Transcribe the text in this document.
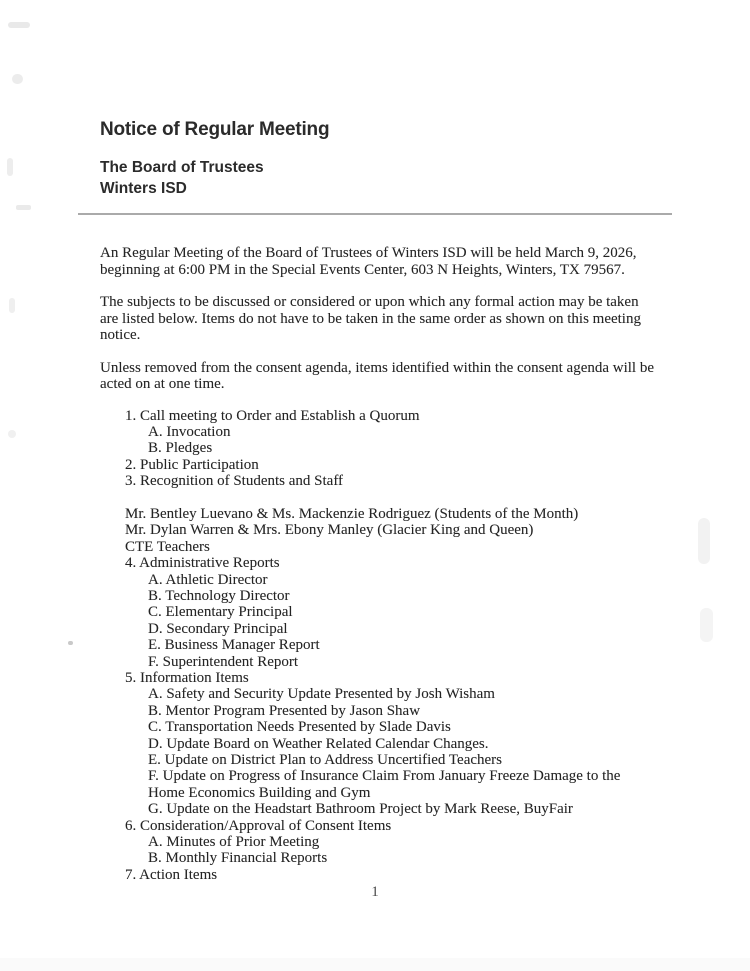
Notice of Regular Meeting
The Board of Trustees
Winters ISD

An Regular Meeting of the Board of Trustees of Winters ISD will be held March 9, 2026, beginning at 6:00 PM in the Special Events Center, 603 N Heights, Winters, TX 79567.

The subjects to be discussed or considered or upon which any formal action may be taken are listed below. Items do not have to be taken in the same order as shown on this meeting notice.

Unless removed from the consent agenda, items identified within the consent agenda will be acted on at one time.

1. Call meeting to Order and Establish a Quorum
A. Invocation
B. Pledges
2. Public Participation
3. Recognition of Students and Staff
Mr. Bentley Luevano & Ms. Mackenzie Rodriguez (Students of the Month)
Mr. Dylan Warren & Mrs. Ebony Manley (Glacier King and Queen)
CTE Teachers
4. Administrative Reports
A. Athletic Director
B. Technology Director
C. Elementary Principal
D. Secondary Principal
E. Business Manager Report
F. Superintendent Report
5. Information Items
A. Safety and Security Update Presented by Josh Wisham
B. Mentor Program Presented by Jason Shaw
C. Transportation Needs Presented by Slade Davis
D. Update Board on Weather Related Calendar Changes.
E. Update on District Plan to Address Uncertified Teachers
F. Update on Progress of Insurance Claim From January Freeze Damage to the Home Economics Building and Gym
G. Update on the Headstart Bathroom Project by Mark Reese, BuyFair
6. Consideration/Approval of Consent Items
A. Minutes of Prior Meeting
B. Monthly Financial Reports
7. Action Items
1
